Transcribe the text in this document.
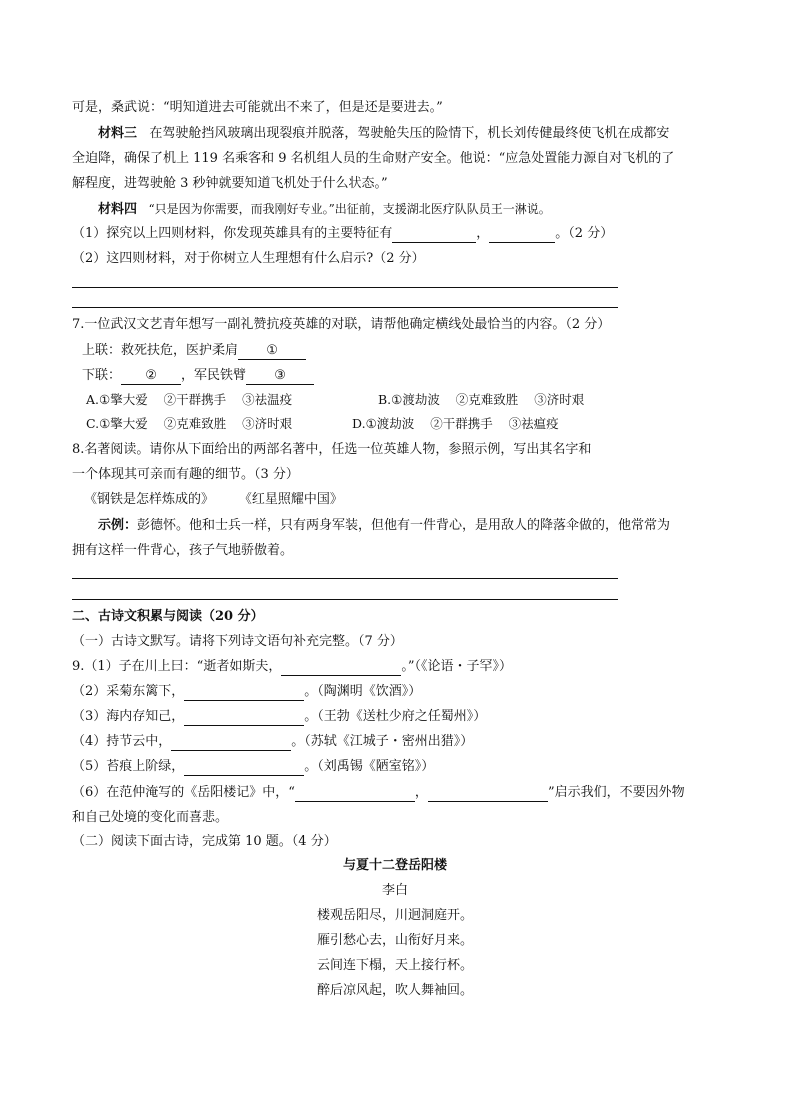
可是，桑武说：“明知道进去可能就出不来了，但是还是要进去。”
材料三 在驾驶舱挡风玻璃出现裂痕并脱落，驾驶舱失压的险情下，机长刘传健最终使飞机在成都安
全迫降，确保了机上 119 名乘客和 9 名机组人员的生命财产安全。他说：“应急处置能力源自对飞机的了
解程度，进驾驶舱 3 秒钟就要知道飞机处于什么状态。”
材料四 “只是因为你需要，而我刚好专业。”出征前，支援湖北医疗队队员王一淋说。
（1）探究以上四则材料，你发现英雄具有的主要特征有	，	。（2 分）
（2）这四则材料，对于你树立人生理想有什么启示?（2 分）
7.一位武汉文艺青年想写一副礼赞抗疫英雄的对联，请帮他确定横线处最恰当的内容。（2 分）
上联：救死扶危，医护柔肩 ①
下联： ② ，军民铁臂 ③
A.①擎大爱 ②干群携手 ③祛温疫	B.①渡劫波 ②克难致胜 ③济时艰
C.①擎大爱 ②克难致胜 ③济时艰	D.①渡劫波 ②干群携手 ③祛瘟疫
8.名著阅读。请你从下面给出的两部名著中，任选一位英雄人物，参照示例，写出其名字和
一个体现其可亲而有趣的细节。（3 分）
《钢铁是怎样炼成的》 《红星照耀中国》
示例：彭德怀。他和士兵一样，只有两身军装，但他有一件背心，是用敌人的降落伞做的，他常常为
拥有这样一件背心，孩子气地骄傲着。
二、古诗文积累与阅读（20 分）
（一）古诗文默写。请将下列诗文语句补充完整。（7 分）
9.（1）子在川上曰：“逝者如斯夫，	。”（《论语・子罕》）
（2）采菊东篱下，	。（陶渊明《饮酒》）
（3）海内存知己，	。（王勃《送杜少府之任蜀州》）
（4）持节云中，	。（苏轼《江城子・密州出猎》）
（5）苔痕上阶绿，	。（刘禹锡《陋室铭》）
（6）在范仲淹写的《岳阳楼记》中，“	，	”启示我们，不要因外物
和自己处境的变化而喜悲。
（二）阅读下面古诗，完成第 10 题。（4 分）
与夏十二登岳阳楼
李白
楼观岳阳尽，川迥洞庭开。
雁引愁心去，山衔好月来。
云间连下榻，天上接行杯。
醉后凉风起，吹人舞袖回。
